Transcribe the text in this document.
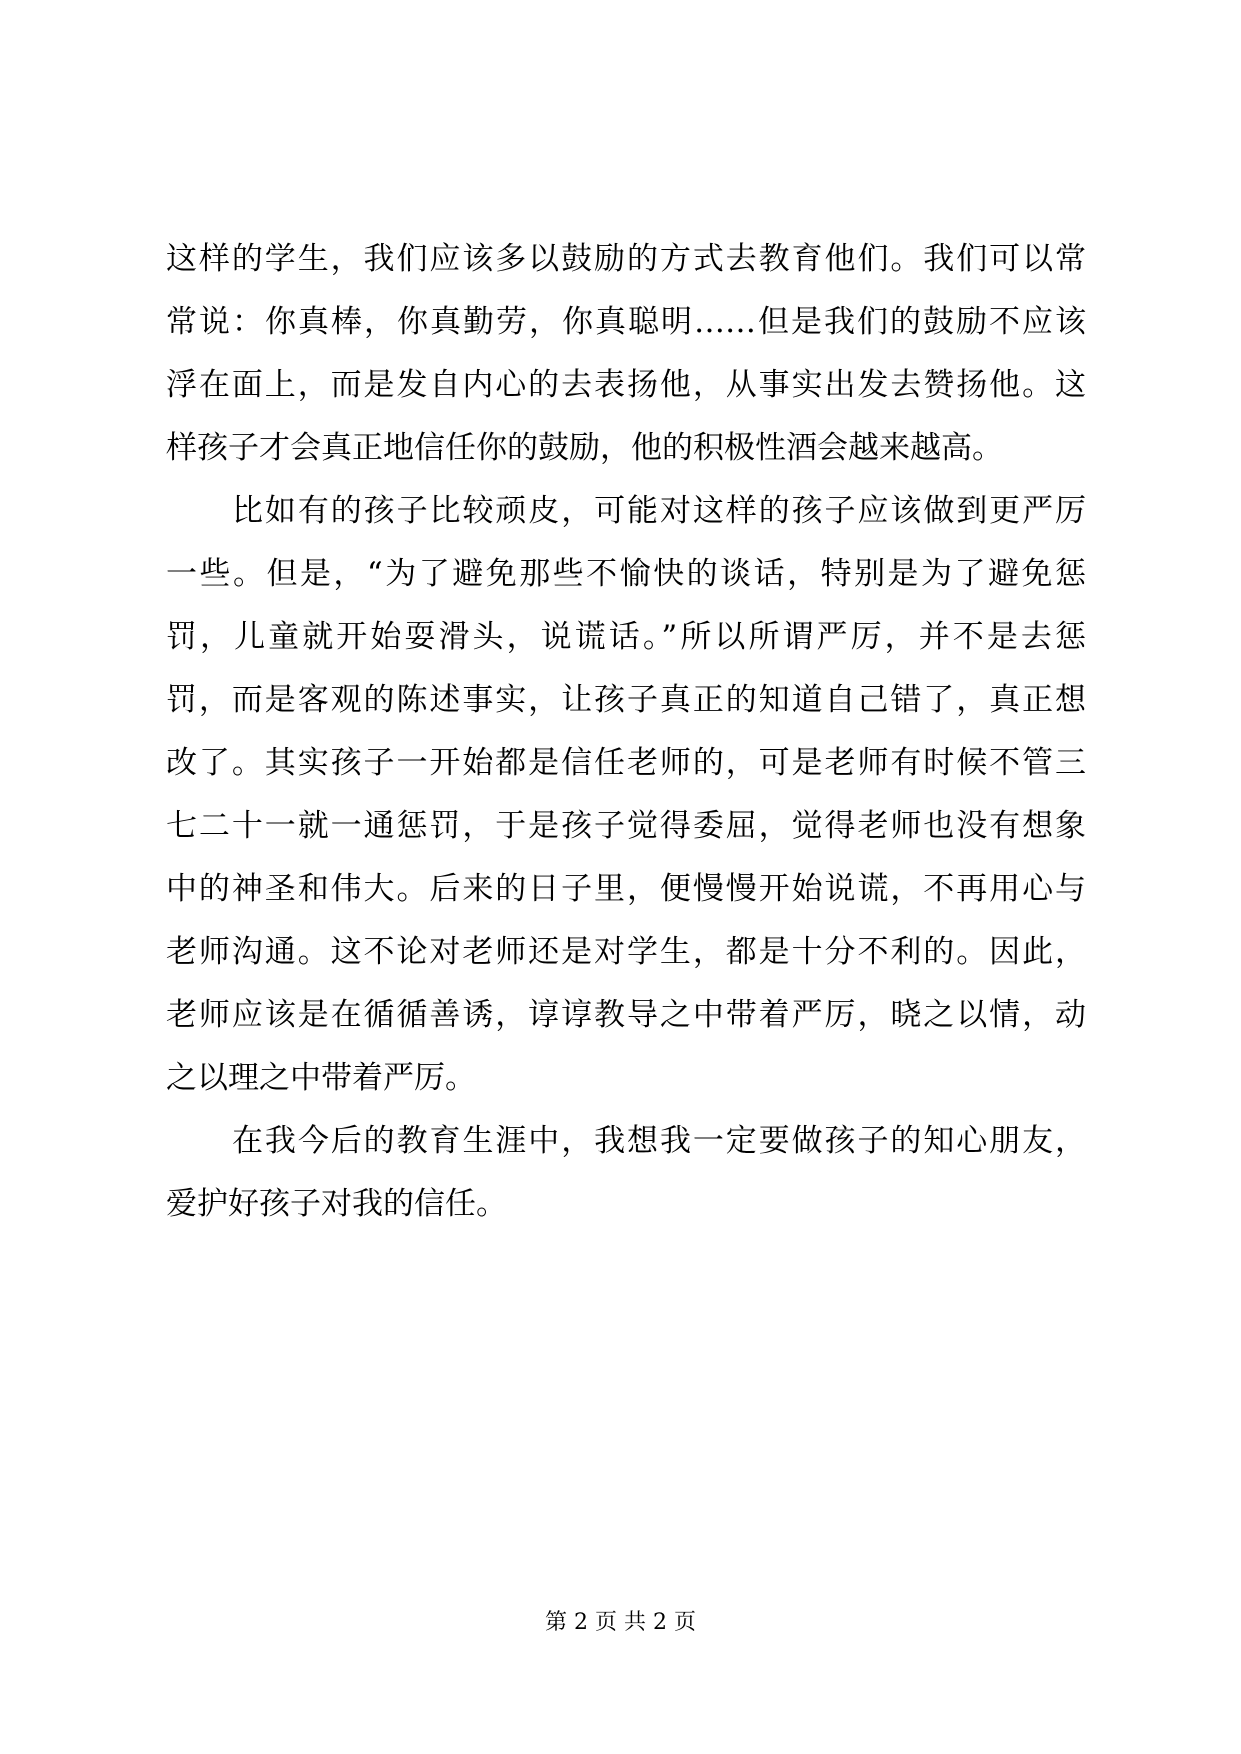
这样的学生，我们应该多以鼓励的方式去教育他们。我们可以常
常说：你真棒，你真勤劳，你真聪明……但是我们的鼓励不应该
浮在面上，而是发自内心的去表扬他，从事实出发去赞扬他。这
样孩子才会真正地信任你的鼓励，他的积极性酒会越来越高。
比如有的孩子比较顽皮，可能对这样的孩子应该做到更严厉
一些。但是，“为了避免那些不愉快的谈话，特别是为了避免惩
罚，儿童就开始耍滑头，说谎话。”所以所谓严厉，并不是去惩
罚，而是客观的陈述事实，让孩子真正的知道自己错了，真正想
改了。其实孩子一开始都是信任老师的，可是老师有时候不管三
七二十一就一通惩罚，于是孩子觉得委屈，觉得老师也没有想象
中的神圣和伟大。后来的日子里，便慢慢开始说谎，不再用心与
老师沟通。这不论对老师还是对学生，都是十分不利的。因此，
老师应该是在循循善诱，谆谆教导之中带着严厉，晓之以情，动
之以理之中带着严厉。
在我今后的教育生涯中，我想我一定要做孩子的知心朋友，
爱护好孩子对我的信任。
第 2 页 共 2 页
